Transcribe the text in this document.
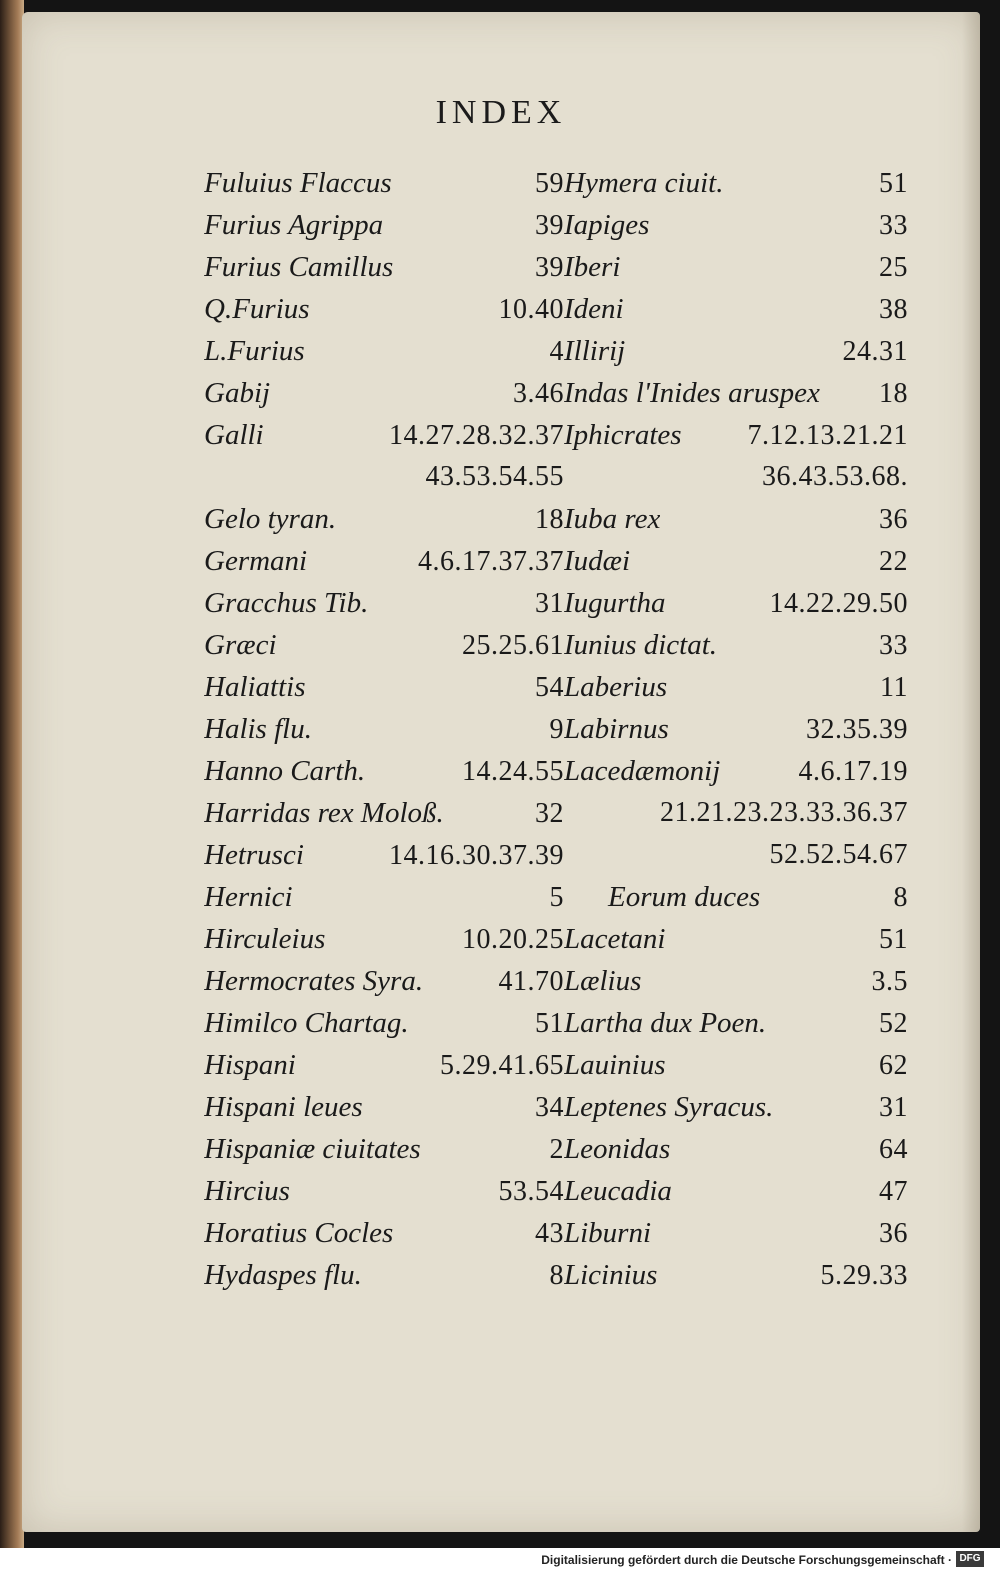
INDEX
Fuluius Flaccus	59
Furius Agrippa	39
Furius Camillus	39
Q.Furius	10.40
L.Furius	4
Gabij	3.46
Galli	14.27.28.32.37
43.53.54.55
Gelo tyran.	18
Germani	4.6.17.37.37
Gracchus Tib.	31
Græci	25.25.61
Haliattis	54
Halis flu.	9
Hanno Carth.	14.24.55
Harridas rex Moloß.	32
Hetrusci	14.16.30.37.39
Hernici	5
Hirculeius	10.20.25
Hermocrates Syra.	41.70
Himilco Chartag.	51
Hispani	5.29.41.65
Hispani leues	34
Hispaniæ ciuitates	2
Hircius	53.54
Horatius Cocles	43
Hydaspes flu.	8
Hymera ciuit.	51
Iapiges	33
Iberi	25
Ideni	38
Illirij	24.31
Indas l'Inides aruspex 18
Iphicrates 7.12.13.21.21
36.43.53.68.
Iuba rex	36
Iudæi	22
Iugurtha	14.22.29.50
Iunius dictat.	33
Laberius	11
Labirnus	32.35.39
Lacedæmonij	4.6.17.19
21.21.23.23.33.36.37
52.52.54.67
Eorum duces	8
Lacetani	51
Lælius	3.5
Lartha dux Poen.	52
Lauinius	62
Leptenes Syracus.	31
Leonidas	64
Leucadia	47
Liburni	36
Licinius	5.29.33
Digitalisierung gefördert durch die Deutsche Forschungsgemeinschaft · DFG
